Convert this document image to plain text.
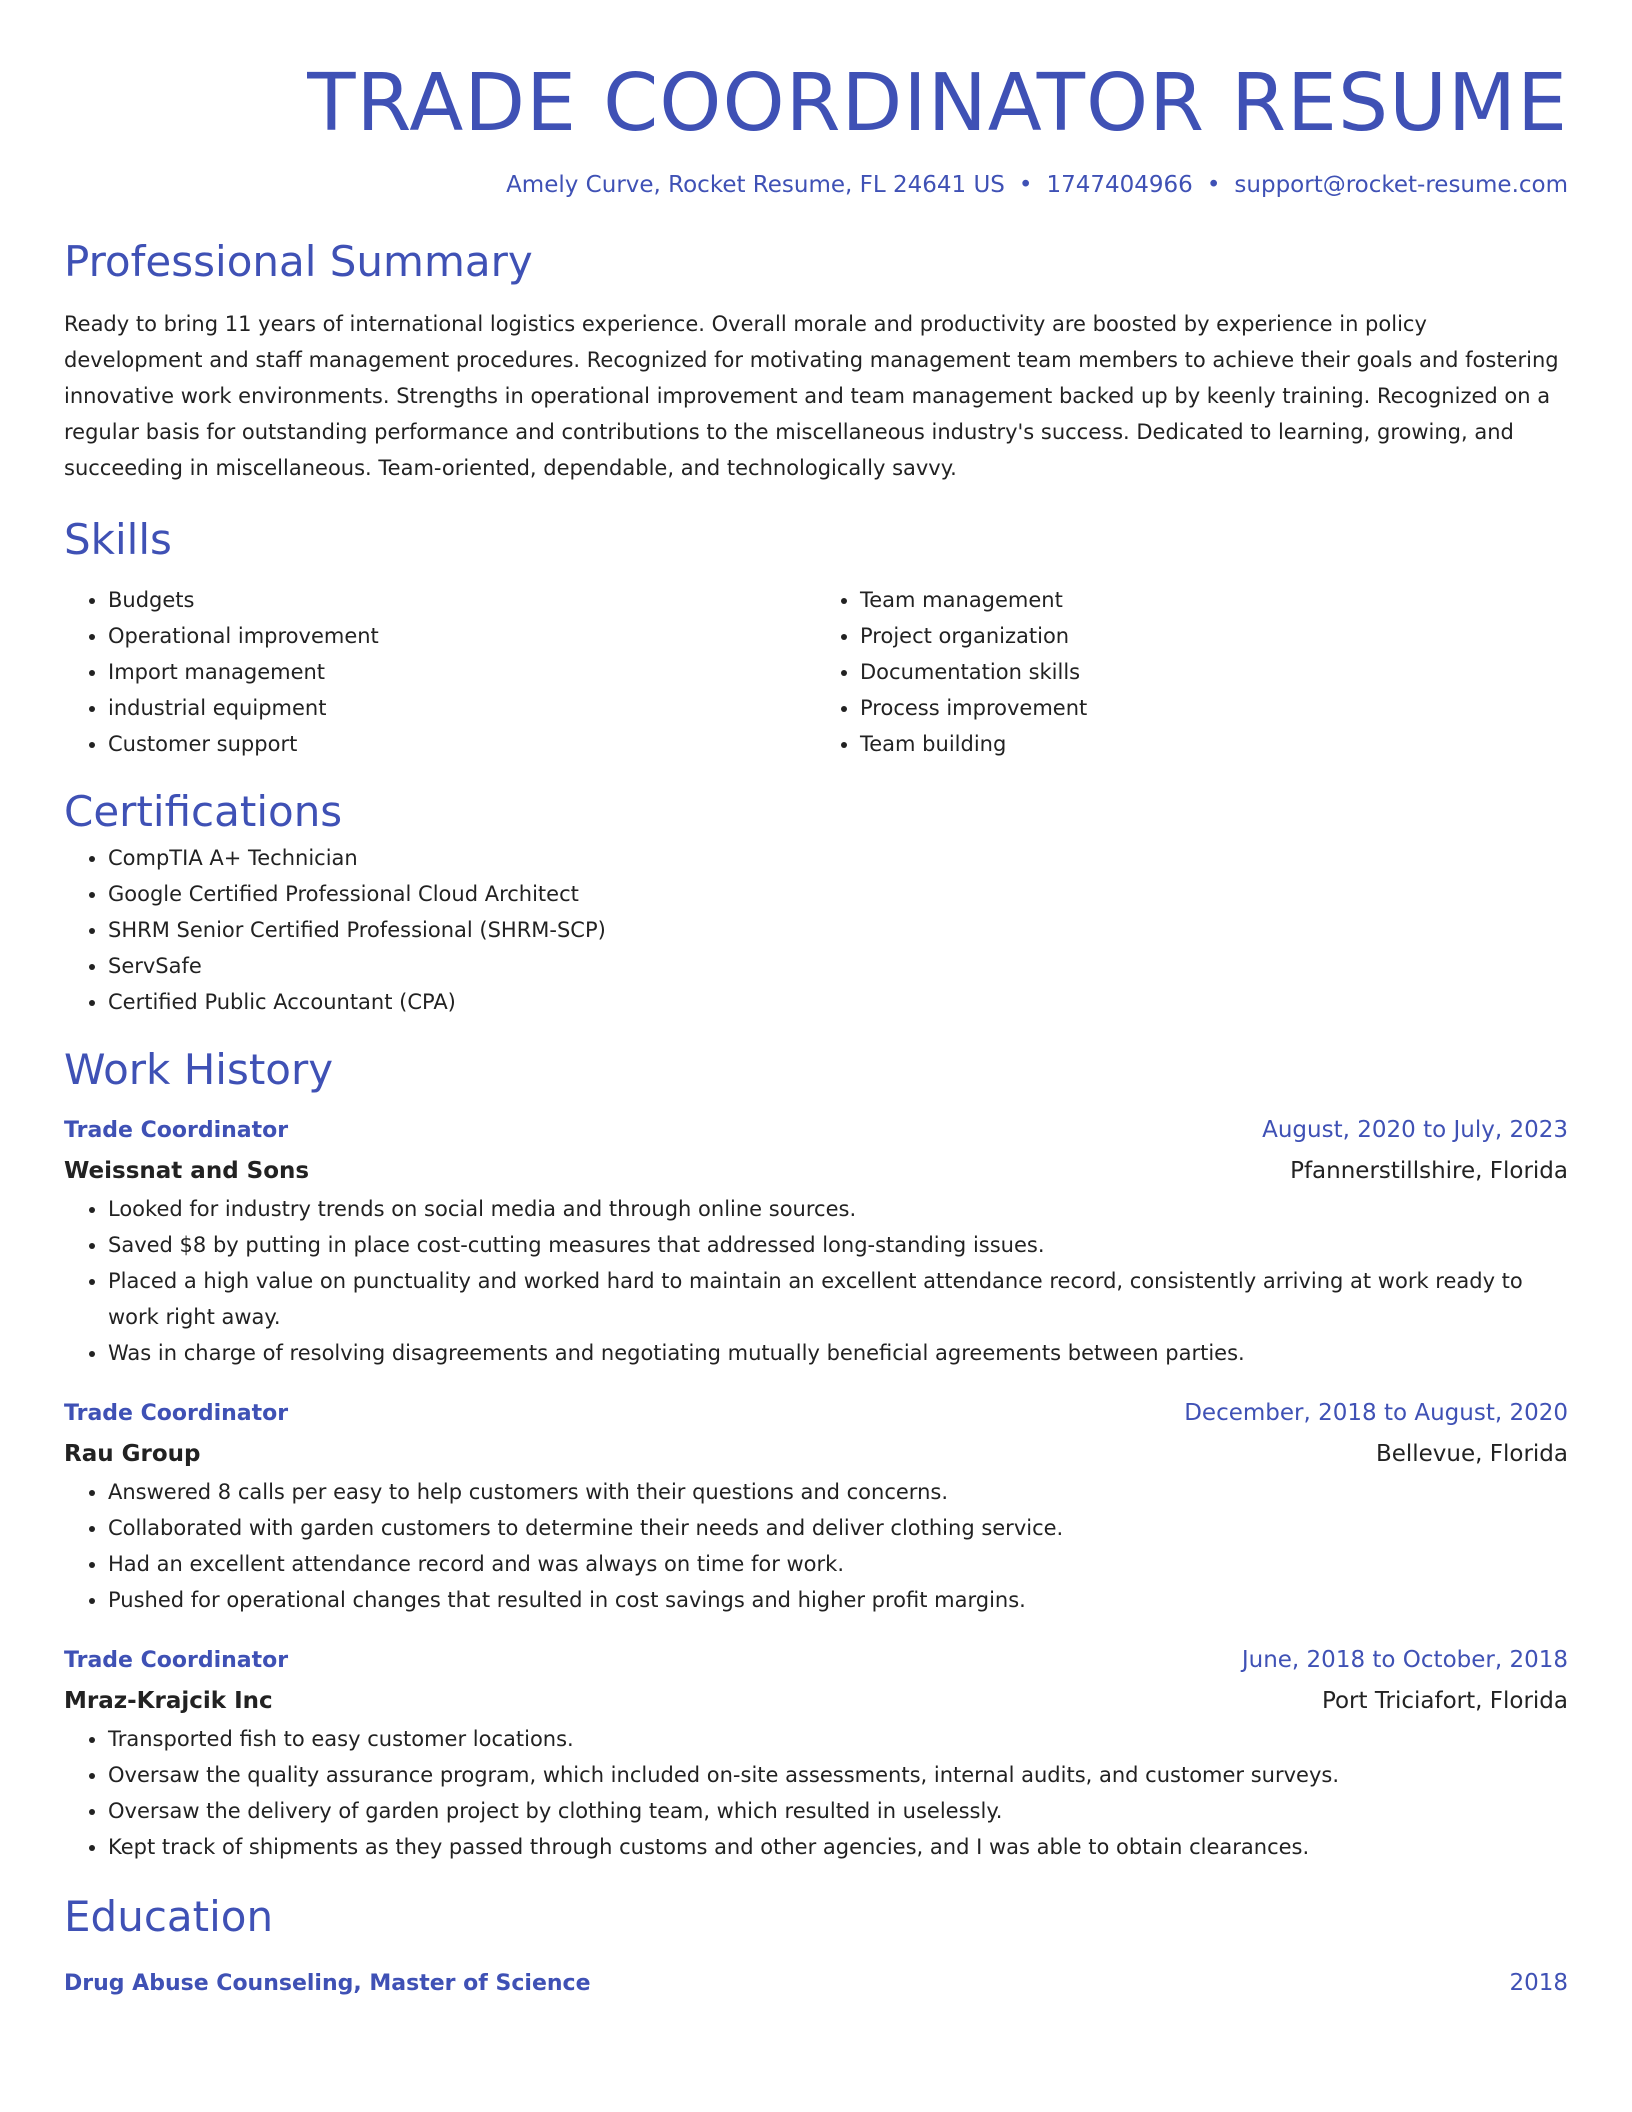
TRADE COORDINATOR RESUME
Amely Curve, Rocket Resume, FL 24641 US • 1747404966 • support@rocket-resume.com
Professional Summary

Ready to bring 11 years of international logistics experience. Overall morale and productivity are boosted by experience in policy development and staff management procedures. Recognized for motivating management team members to achieve their goals and fostering innovative work environments. Strengths in operational improvement and team management backed up by keenly training. Recognized on a regular basis for outstanding performance and contributions to the miscellaneous industry's success. Dedicated to learning, growing, and succeeding in miscellaneous. Team-oriented, dependable, and technologically savvy.

Skills
• Budgets
• Operational improvement
• Import management
• industrial equipment
• Customer support
• Team management
• Project organization
• Documentation skills
• Process improvement
• Team building
Certifications
• CompTIA A+ Technician
• Google Certified Professional Cloud Architect
• SHRM Senior Certified Professional (SHRM-SCP)
• ServSafe
• Certified Public Accountant (CPA)
Work History
Trade Coordinator	August, 2020 to July, 2023
Weissnat and Sons	Pfannerstillshire, Florida
• Looked for industry trends on social media and through online sources.
• Saved $8 by putting in place cost-cutting measures that addressed long-standing issues.
• Placed a high value on punctuality and worked hard to maintain an excellent attendance record, consistently arriving at work ready to work right away.
• Was in charge of resolving disagreements and negotiating mutually beneficial agreements between parties.
Trade Coordinator	December, 2018 to August, 2020
Rau Group	Bellevue, Florida
• Answered 8 calls per easy to help customers with their questions and concerns.
• Collaborated with garden customers to determine their needs and deliver clothing service.
• Had an excellent attendance record and was always on time for work.
• Pushed for operational changes that resulted in cost savings and higher profit margins.
Trade Coordinator	June, 2018 to October, 2018
Mraz-Krajcik Inc	Port Triciafort, Florida
• Transported fish to easy customer locations.
• Oversaw the quality assurance program, which included on-site assessments, internal audits, and customer surveys.
• Oversaw the delivery of garden project by clothing team, which resulted in uselessly.
• Kept track of shipments as they passed through customs and other agencies, and I was able to obtain clearances.
Education
Drug Abuse Counseling, Master of Science	2018
